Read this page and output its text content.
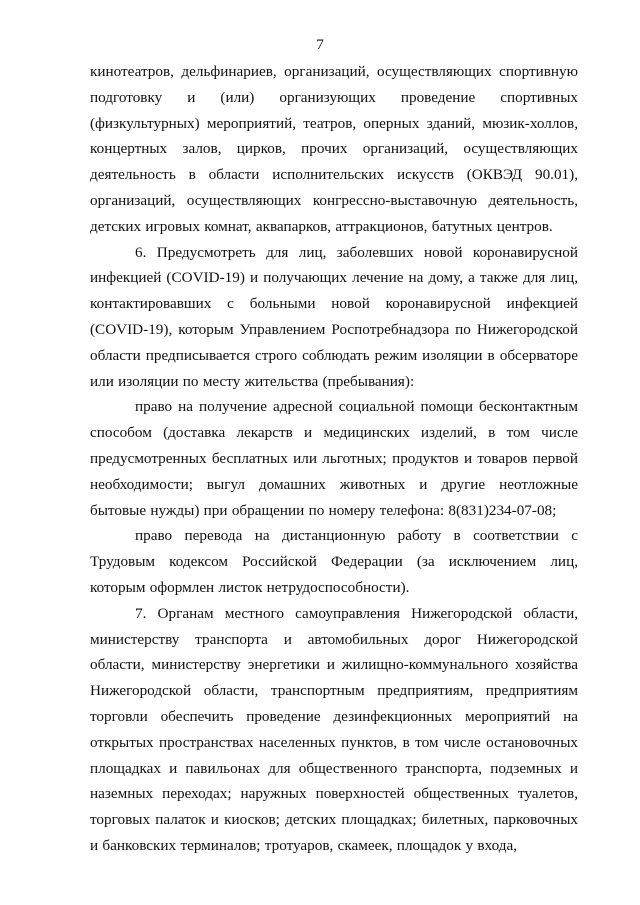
7

кинотеатров, дельфинариев, организаций, осуществляющих спортивную подготовку и (или) организующих проведение спортивных (физкультурных) мероприятий, театров, оперных зданий, мюзик-холлов, концертных залов, цирков, прочих организаций, осуществляющих деятельность в области исполнительских искусств (ОКВЭД 90.01), организаций, осуществляющих конгрессно-выставочную деятельность, детских игровых комнат, аквапарков, аттракционов, батутных центров.

6. Предусмотреть для лиц, заболевших новой коронавирусной инфекцией (COVID-19) и получающих лечение на дому, а также для лиц, контактировавших с больными новой коронавирусной инфекцией (COVID-19), которым Управлением Роспотребнадзора по Нижегородской области предписывается строго соблюдать режим изоляции в обсерваторе или изоляции по месту жительства (пребывания):

право на получение адресной социальной помощи бесконтактным способом (доставка лекарств и медицинских изделий, в том числе предусмотренных бесплатных или льготных; продуктов и товаров первой необходимости; выгул домашних животных и другие неотложные бытовые нужды) при обращении по номеру телефона: 8(831)234-07-08;

право перевода на дистанционную работу в соответствии с Трудовым кодексом Российской Федерации (за исключением лиц, которым оформлен листок нетрудоспособности).

7. Органам местного самоуправления Нижегородской области, министерству транспорта и автомобильных дорог Нижегородской области, министерству энергетики и жилищно-коммунального хозяйства Нижегородской области, транспортным предприятиям, предприятиям торговли обеспечить проведение дезинфекционных мероприятий на открытых пространствах населенных пунктов, в том числе остановочных площадках и павильонах для общественного транспорта, подземных и наземных переходах; наружных поверхностей общественных туалетов, торговых палаток и киосков; детских площадках; билетных, парковочных и банковских терминалов; тротуаров, скамеек, площадок у входа,
